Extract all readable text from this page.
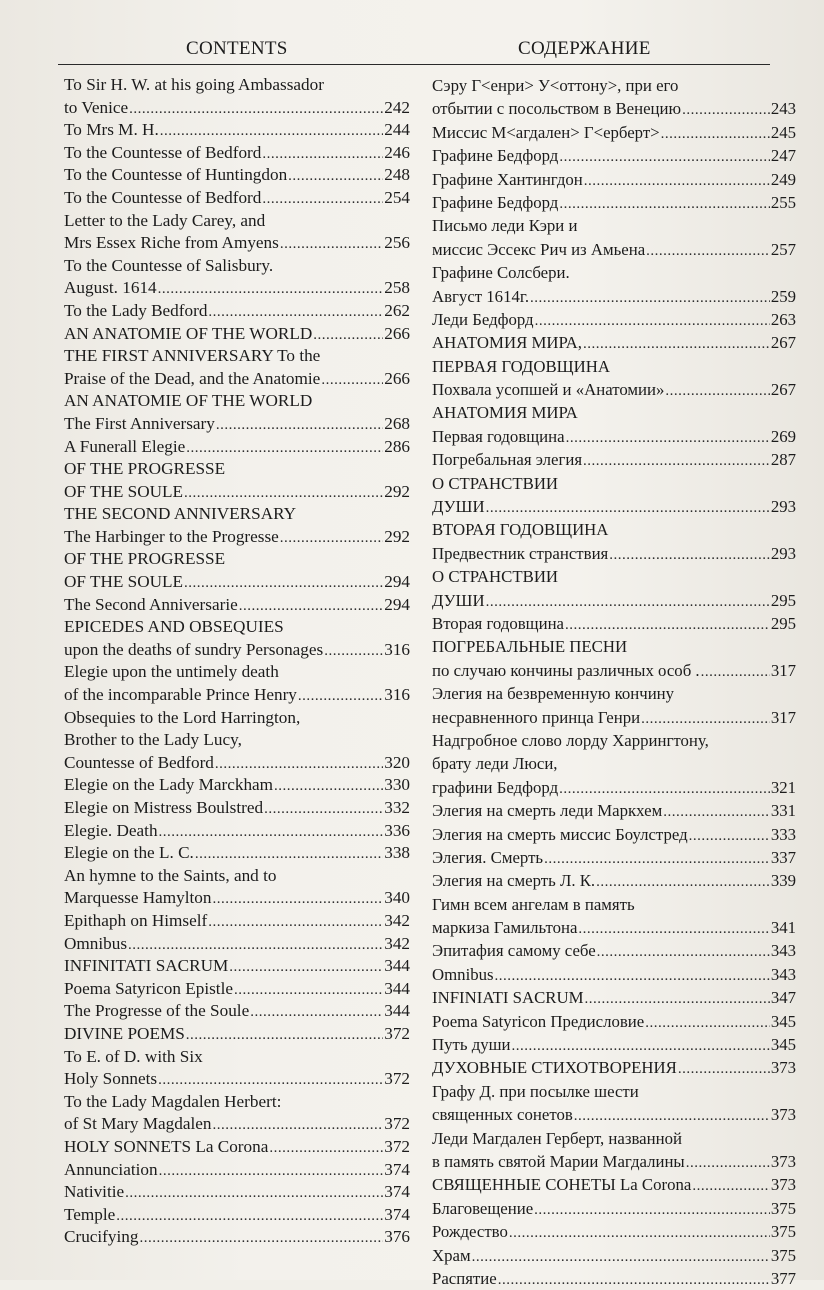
CONTENTS	СОДЕРЖАНИЕ
To Sir H. W. at his going Ambassador
to Venice .....	242
To Mrs M. H. .....	244
To the Countesse of Bedford .....	246
To the Countesse of Huntingdon .....	248
To the Countesse of Bedford .....	254
Letter to the Lady Carey, and
Mrs Essex Riche from Amyens .....	256
To the Countesse of Salisbury.
August. 1614 .....	258
To the Lady Bedford .....	262
AN ANATOMIE OF THE WORLD .....	266
THE FIRST ANNIVERSARY To the
Praise of the Dead, and the Anatomie .....	266
AN ANATOMIE OF THE WORLD
The First Anniversary .....	268
A Funerall Elegie .....	286
OF THE PROGRESSE
OF THE SOULE .....	292
THE SECOND ANNIVERSARY
The Harbinger to the Progresse .....	292
OF THE PROGRESSE
OF THE SOULE .....	294
The Second Anniversarie .....	294
EPICEDES AND OBSEQUIES
upon the deaths of sundry Personages .....	316
Elegie upon the untimely death
of the incomparable Prince Henry .....	316
Obsequies to the Lord Harrington,
Brother to the Lady Lucy,
Countesse of Bedford .....	320
Elegie on the Lady Marckham .....	330
Elegie on Mistress Boulstred .....	332
Elegie. Death .....	336
Elegie on the L. C. .....	338
An hymne to the Saints, and to
Marquesse Hamylton .....	340
Epithaph on Himself .....	342
Omnibus .....	342
INFINITATI SACRUM .....	344
Poema Satyricon Epistle .....	344
The Progresse of the Soule .....	344
DIVINE POEMS .....	372
To E. of D. with Six
Holy Sonnets .....	372
To the Lady Magdalen Herbert:
of St Mary Magdalen .....	372
HOLY SONNETS La Corona .....	372
Annunciation .....	374
Nativitie .....	374
Temple .....	374
Crucifying .....	376
Сэру Г<енри> У<оттону>, при его
отбытии с посольством в Венецию .....	243
Миссис М<агдален> Г<ерберт> .....	245
Графине Бедфорд .....	247
Графине Хантингдон .....	249
Графине Бедфорд .....	255
Письмо леди Кэри и
миссис Эссекс Рич из Амьена .....	257
Графине Солсбери.
Август 1614г. .....	259
Леди Бедфорд .....	263
АНАТОМИЯ МИРА, .....	267
ПЕРВАЯ ГОДОВЩИНА
Похвала усопшей и «Анатомии» .....	267
АНАТОМИЯ МИРА
Первая годовщина .....	269
Погребальная элегия .....	287
О СТРАНСТВИИ
ДУШИ .....	293
ВТОРАЯ ГОДОВЩИНА
Предвестник странствия .....	293
О СТРАНСТВИИ
ДУШИ .....	295
Вторая годовщина .....	295
ПОГРЕБАЛЬНЫЕ ПЕСНИ
по случаю кончины различных особ . .....	317
Элегия на безвременную кончину
несравненного принца Генри .....	317
Надгробное слово лорду Харрингтону,
брату леди Люси,
графини Бедфорд .....	321
Элегия на смерть леди Маркхем .....	331
Элегия на смерть миссис Боулстред .....	333
Элегия. Смерть .....	337
Элегия на смерть Л. К. .....	339
Гимн всем ангелам в память
маркиза Гамильтона .....	341
Эпитафия самому себе .....	343
Omnibus .....	343
INFINIATI SACRUM .....	347
Poema Satyricon Предисловие .....	345
Путь души .....	345
ДУХОВНЫЕ СТИХОТВОРЕНИЯ .....	373
Графу Д. при посылке шести
священных сонетов .....	373
Леди Магдален Герберт, названной
в память святой Марии Магдалины .....	373
СВЯЩЕННЫЕ СОНЕТЫ La Corona .....	373
Благовещение .....	375
Рождество .....	375
Храм .....	375
Распятие .....	377
